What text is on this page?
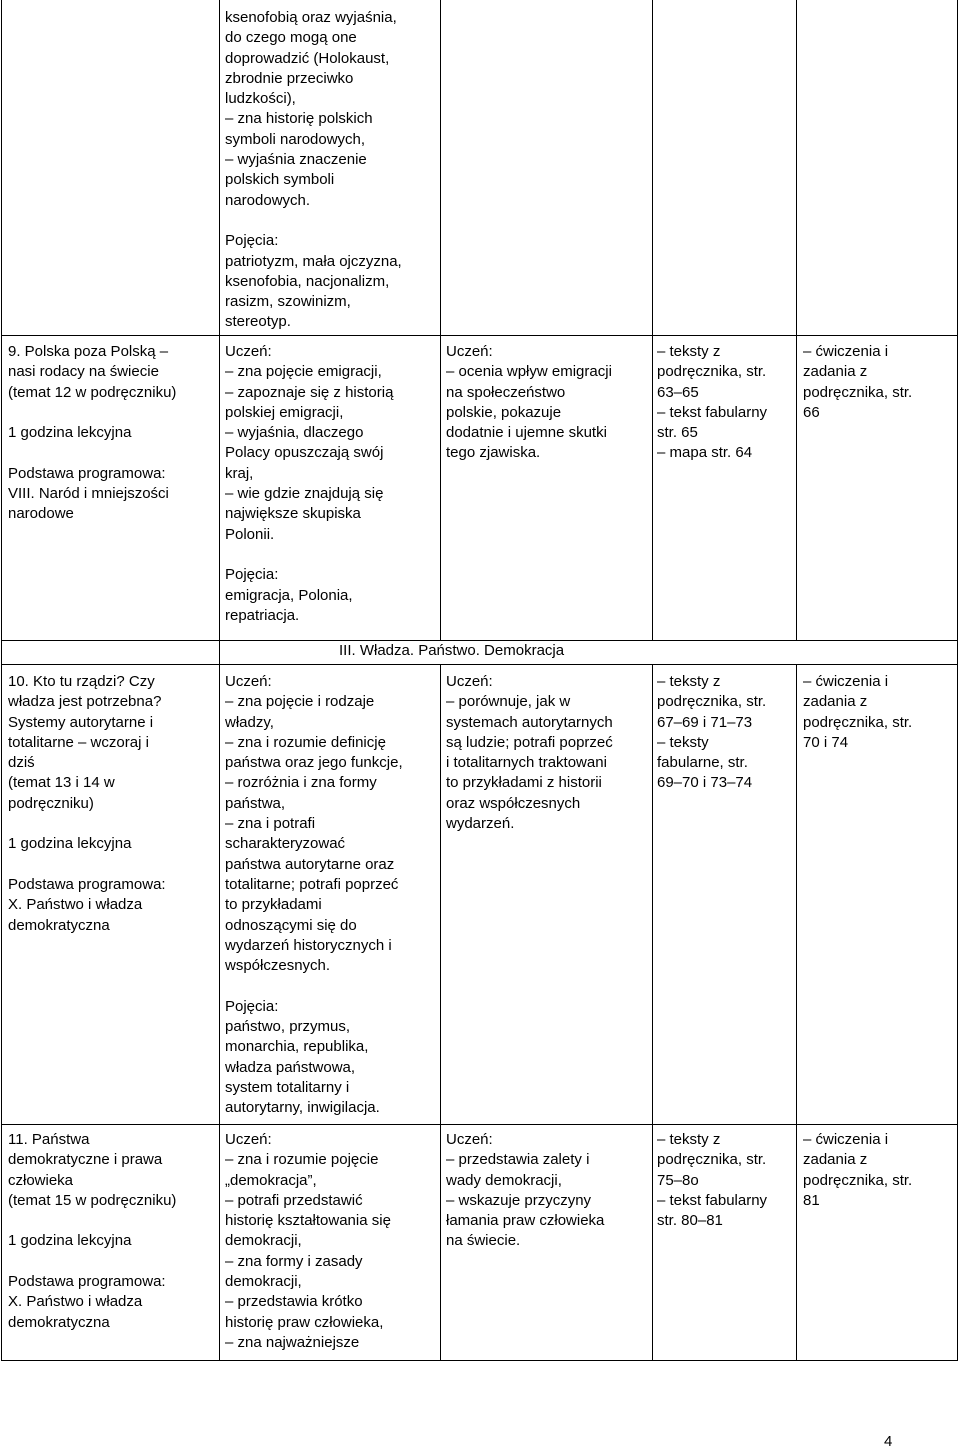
ksenofobią oraz wyjaśnia,

do czego mogą one

doprowadzić (Holokaust,

zbrodnie przeciwko

ludzkości),

– zna historię polskich

symboli narodowych,

– wyjaśnia znaczenie

polskich symboli

narodowych.

Pojęcia:

patriotyzm, mała ojczyzna,

ksenofobia, nacjonalizm,

rasizm, szowinizm,

stereotyp.

9. Polska poza Polską –

nasi rodacy na świecie

(temat 12 w podręczniku)

1 godzina lekcyjna

Podstawa programowa:

VIII. Naród i mniejszości

narodowe

Uczeń:

– zna pojęcie emigracji,

– zapoznaje się z historią

polskiej emigracji,

– wyjaśnia, dlaczego

Polacy opuszczają swój

kraj,

– wie gdzie znajdują się

największe skupiska

Polonii.

Pojęcia:

emigracja, Polonia,

repatriacja.

Uczeń:

– ocenia wpływ emigracji

na społeczeństwo

polskie, pokazuje

dodatnie i ujemne skutki

tego zjawiska.

– teksty z

podręcznika, str.

63–65

– tekst fabularny

str. 65

– mapa str. 64

– ćwiczenia i

zadania z

podręcznika, str.

66

III. Władza. Państwo. Demokracja

10. Kto tu rządzi? Czy

władza jest potrzebna?

Systemy autorytarne i

totalitarne – wczoraj i

dziś

(temat 13 i 14 w

podręczniku)

1 godzina lekcyjna

Podstawa programowa:

X. Państwo i władza

demokratyczna

Uczeń:

– zna pojęcie i rodzaje

władzy,

– zna i rozumie definicję

państwa oraz jego funkcje,

– rozróżnia i zna formy

państwa,

– zna i potrafi

scharakteryzować

państwa autorytarne oraz

totalitarne; potrafi poprzeć

to przykładami

odnoszącymi się do

wydarzeń historycznych i

współczesnych.

Pojęcia:

państwo, przymus,

monarchia, republika,

władza państwowa,

system totalitarny i

autorytarny, inwigilacja.

Uczeń:

– porównuje, jak w

systemach autorytarnych

są ludzie; potrafi poprzeć

i totalitarnych traktowani

to przykładami z historii

oraz współczesnych

wydarzeń.

– teksty z

podręcznika, str.

67–69 i 71–73

– teksty

fabularne, str.

69–70 i 73–74

– ćwiczenia i

zadania z

podręcznika, str.

70 i 74

11. Państwa

demokratyczne i prawa

człowieka

(temat 15 w podręczniku)

1 godzina lekcyjna

Podstawa programowa:

X. Państwo i władza

demokratyczna

Uczeń:

– zna i rozumie pojęcie

„demokracja”,

– potrafi przedstawić

historię kształtowania się

demokracji,

– zna formy i zasady

demokracji,

– przedstawia krótko

historię praw człowieka,

– zna najważniejsze

Uczeń:

– przedstawia zalety i

wady demokracji,

– wskazuje przyczyny

łamania praw człowieka

na świecie.

– teksty z

podręcznika, str.

75–8o

– tekst fabularny

str. 80–81

– ćwiczenia i

zadania z

podręcznika, str.

81

4
